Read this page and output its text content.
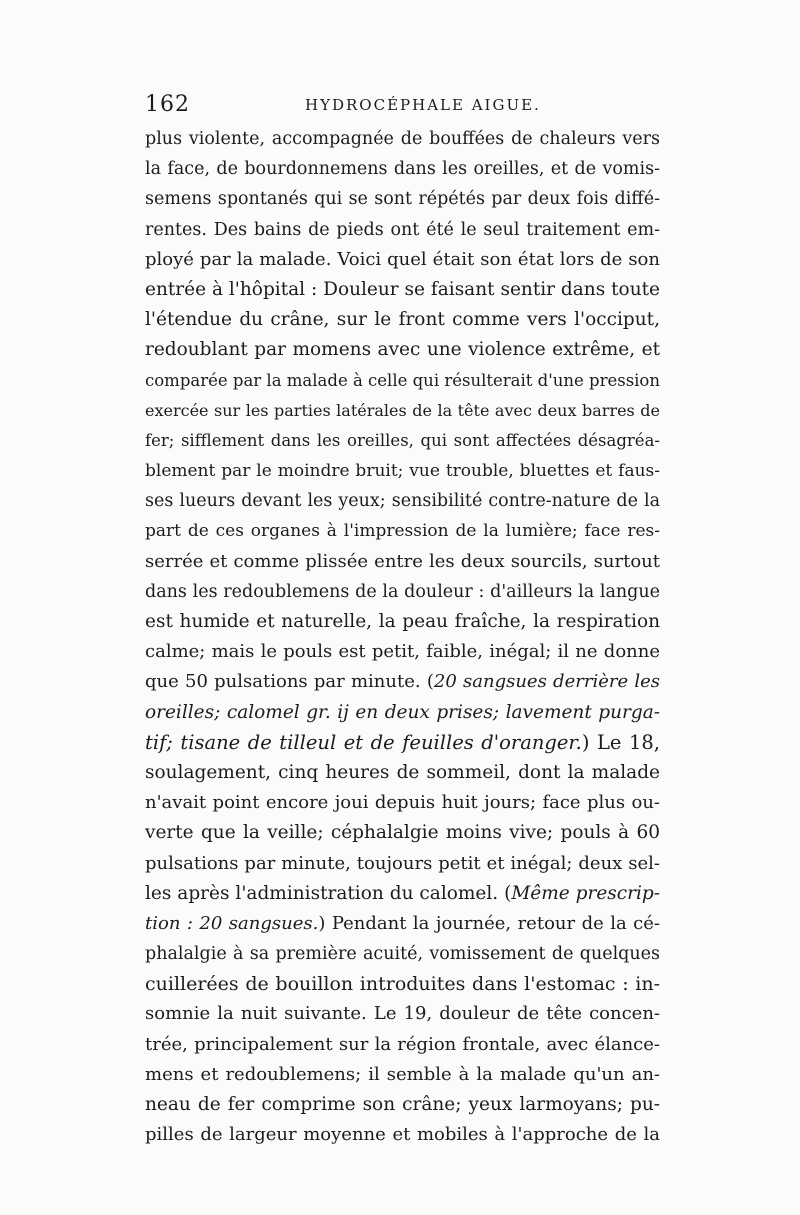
162	HYDROCÉPHALE AIGUE.
plus violente, accompagnée de bouffées de chaleurs vers
la face, de bourdonnemens dans les oreilles, et de vomis-
semens spontanés qui se sont répétés par deux fois diffé-
rentes. Des bains de pieds ont été le seul traitement em-
ployé par la malade. Voici quel était son état lors de son
entrée à l'hôpital : Douleur se faisant sentir dans toute
l'étendue du crâne, sur le front comme vers l'occiput,
redoublant par momens avec une violence extrême, et
comparée par la malade à celle qui résulterait d'une pression
exercée sur les parties latérales de la tête avec deux barres de
fer; sifflement dans les oreilles, qui sont affectées désagréa-
blement par le moindre bruit; vue trouble, bluettes et faus-
ses lueurs devant les yeux; sensibilité contre-nature de la
part de ces organes à l'impression de la lumière; face res-
serrée et comme plissée entre les deux sourcils, surtout
dans les redoublemens de la douleur : d'ailleurs la langue
est humide et naturelle, la peau fraîche, la respiration
calme; mais le pouls est petit, faible, inégal; il ne donne
que 50 pulsations par minute. (20 sangsues derrière les
oreilles; calomel gr. ij en deux prises; lavement purga-
tif; tisane de tilleul et de feuilles d'oranger.) Le 18,
soulagement, cinq heures de sommeil, dont la malade
n'avait point encore joui depuis huit jours; face plus ou-
verte que la veille; céphalalgie moins vive; pouls à 60
pulsations par minute, toujours petit et inégal; deux sel-
les après l'administration du calomel. (Même prescrip-
tion : 20 sangsues.) Pendant la journée, retour de la cé-
phalalgie à sa première acuité, vomissement de quelques
cuillerées de bouillon introduites dans l'estomac : in-
somnie la nuit suivante. Le 19, douleur de tête concen-
trée, principalement sur la région frontale, avec élance-
mens et redoublemens; il semble à la malade qu'un an-
neau de fer comprime son crâne; yeux larmoyans; pu-
pilles de largeur moyenne et mobiles à l'approche de la
